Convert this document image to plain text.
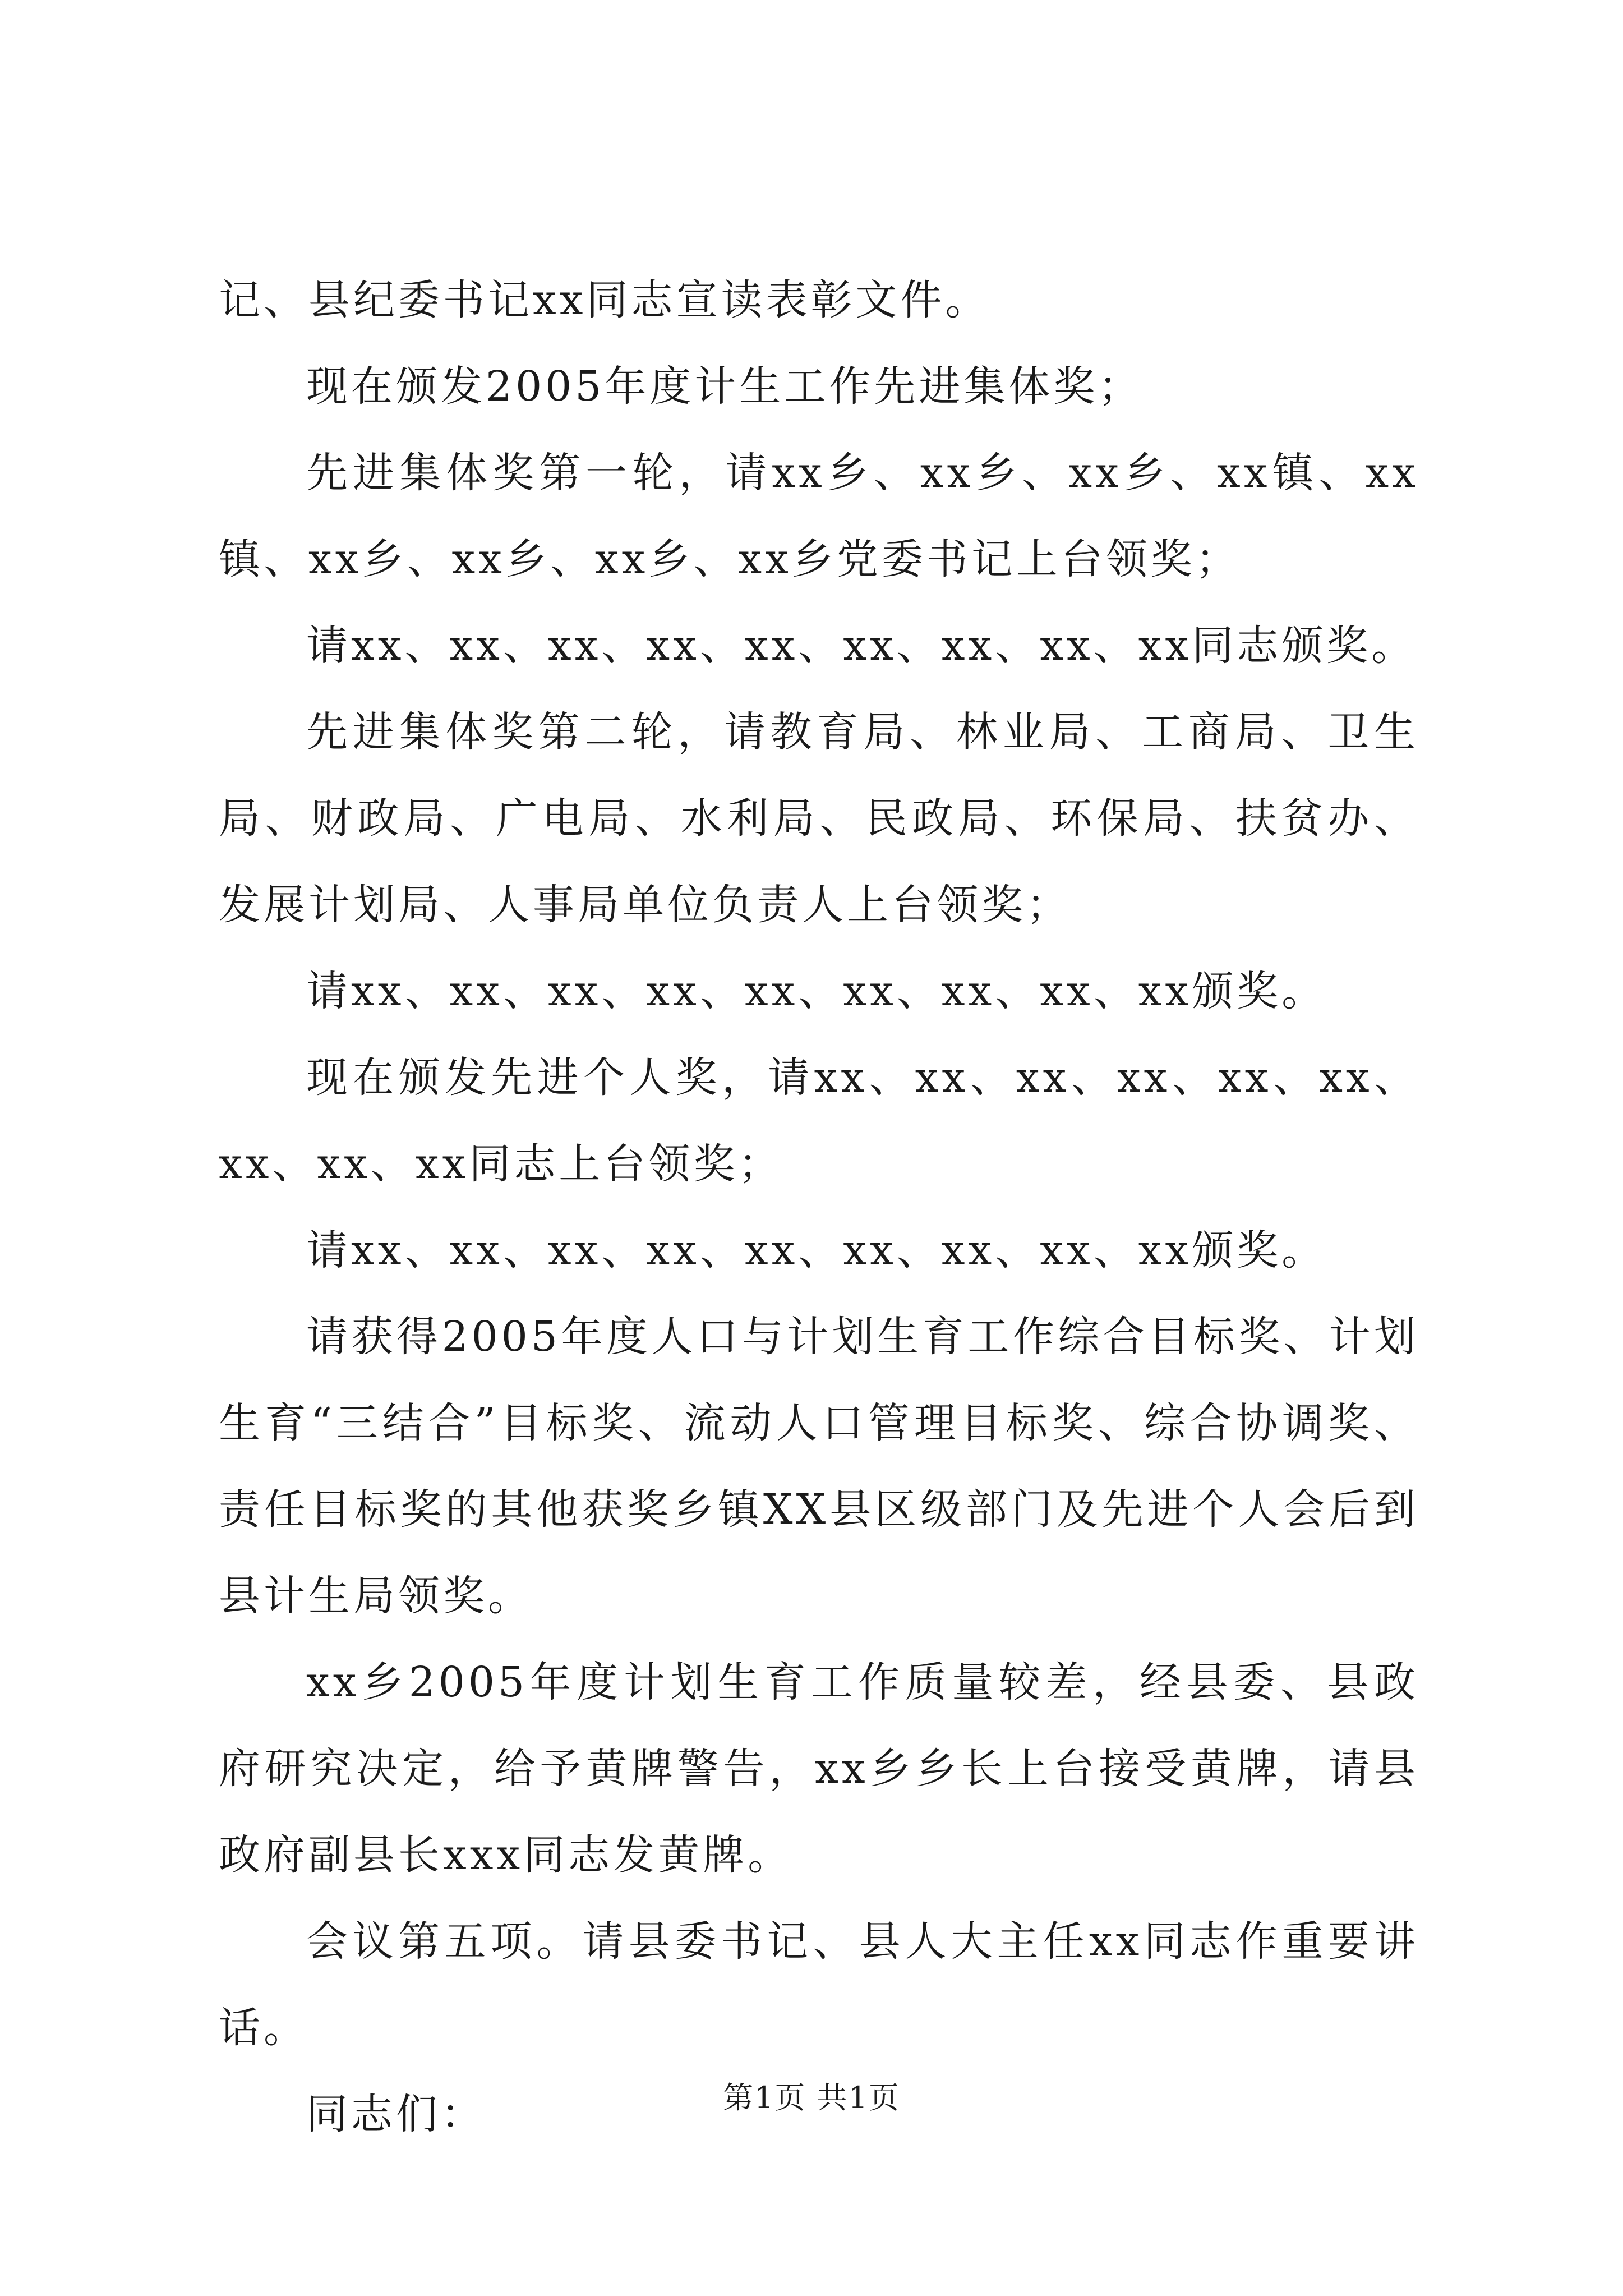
记、县纪委书记xx同志宣读表彰文件。

现在颁发2005年度计生工作先进集体奖；

先进集体奖第一轮，请xx乡、xx乡、xx乡、xx镇、xx镇、xx乡、xx乡、xx乡、xx乡党委书记上台领奖；

请xx、xx、xx、xx、xx、xx、xx、xx、xx同志颁奖。

先进集体奖第二轮，请教育局、林业局、工商局、卫生局、财政局、广电局、水利局、民政局、环保局、扶贫办、发展计划局、人事局单位负责人上台领奖；

请xx、xx、xx、xx、xx、xx、xx、xx、xx颁奖。

现在颁发先进个人奖，请xx、xx、xx、xx、xx、xx、xx、xx、xx同志上台领奖；

请xx、xx、xx、xx、xx、xx、xx、xx、xx颁奖。

请获得2005年度人口与计划生育工作综合目标奖、计划生育“三结合”目标奖、流动人口管理目标奖、综合协调奖、责任目标奖的其他获奖乡镇XX县区级部门及先进个人会后到县计生局领奖。

xx乡2005年度计划生育工作质量较差，经县委、县政府研究决定，给予黄牌警告，xx乡乡长上台接受黄牌，请县政府副县长xxx同志发黄牌。

会议第五项。请县委书记、县人大主任xx同志作重要讲话。

同志们：	第1页 共1页
